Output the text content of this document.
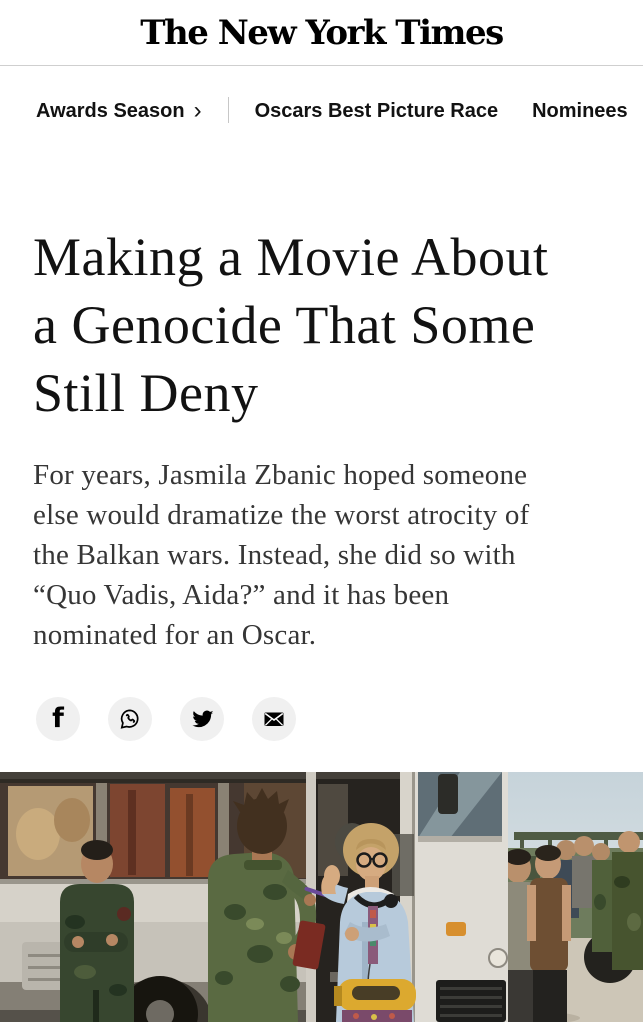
The New York Times
Awards Season ›	Oscars Best Picture Race Nominees
Making a Movie About
a Genocide That Some
Still Deny

For years, Jasmila Zbanic hoped someone
else would dramatize the worst atrocity of
the Balkan wars. Instead, she did so with
“Quo Vadis, Aida?” and it has been
nominated for an Oscar.

f
